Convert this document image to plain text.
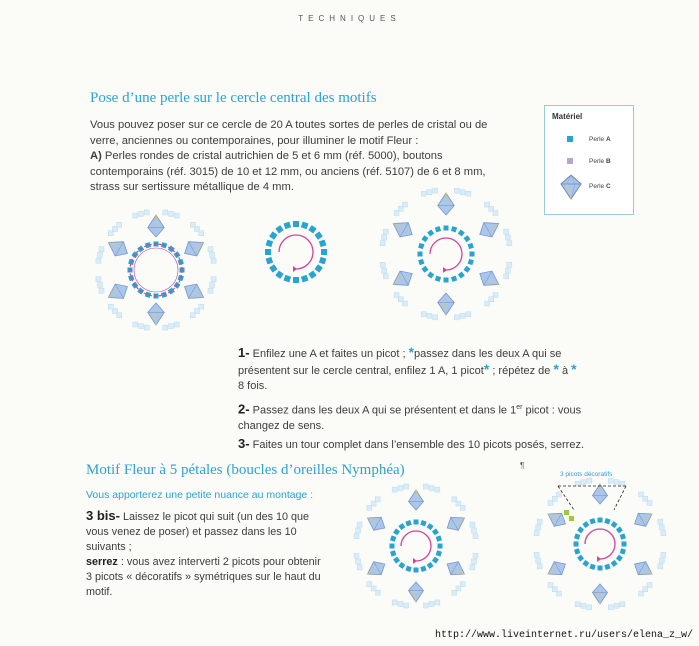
TECHNIQUES
Pose d’une perle sur le cercle central des motifs
Vous pouvez poser sur ce cercle de 20 A toutes sortes de perles de cristal ou de
verre, anciennes ou contemporaines, pour illuminer le motif Fleur :
A) Perles rondes de cristal autrichien de 5 et 6 mm (réf. 5000), boutons
contemporains (réf. 3015) de 10 et 12 mm, ou anciens (réf. 5107) de 6 et 8 mm,
strass sur sertissure métallique de 4 mm.
Matériel
Perle A
Perle B
Perle C
1- Enfilez une A et faites un picot ; *passez dans les deux A qui se
présentent sur le cercle central, enfilez 1 A, 1 picot* ; répétez de * à *
8 fois.
2- Passez dans les deux A qui se présentent et dans le 1er picot : vous
changez de sens.
3- Faites un tour complet dans l’ensemble des 10 picots posés, serrez.
Motif Fleur à 5 pétales (boucles d’oreilles Nymphéa)
Vous apporterez une petite nuance au montage :
3 bis- Laissez le picot qui suit (un des 10 que
vous venez de poser) et passez dans les 10
suivants ;
serrez : vous avez interverti 2 picots pour obtenir
3 picots « décoratifs » symétriques sur le haut du
motif.
3 picots décoratifs
¶
http://www.liveinternet.ru/users/elena_z_w/
